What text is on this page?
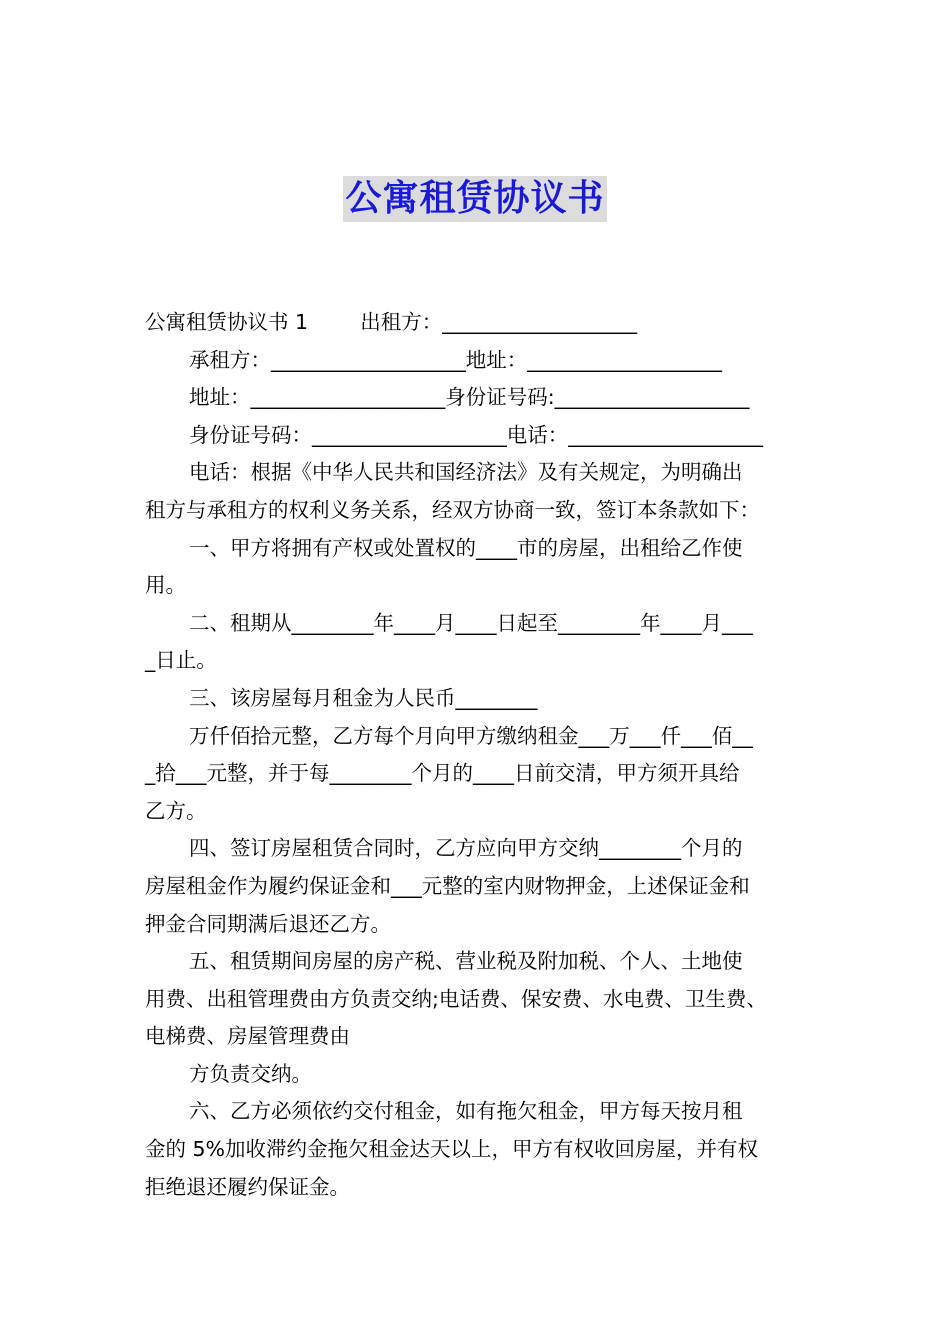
公寓租赁协议书
公寓租赁协议书 1        出租方：___________________
承租方：___________________地址：___________________
地址：___________________身份证号码:___________________
身份证号码：___________________电话：___________________
电话：根据《中华人民共和国经济法》及有关规定，为明确出
租方与承租方的权利义务关系，经双方协商一致，签订本条款如下：
一、甲方将拥有产权或处置权的____市的房屋，出租给乙作使
用。
二、租期从________年____月____日起至________年____月___
_日止。
三、该房屋每月租金为人民币________
万仟佰拾元整，乙方每个月向甲方缴纳租金___万___仟___佰__
_拾___元整，并于每________个月的____日前交清，甲方须开具给
乙方。
四、签订房屋租赁合同时，乙方应向甲方交纳________个月的
房屋租金作为履约保证金和___元整的室内财物押金，上述保证金和
押金合同期满后退还乙方。
五、租赁期间房屋的房产税、营业税及附加税、个人、土地使
用费、出租管理费由方负责交纳;电话费、保安费、水电费、卫生费、
电梯费、房屋管理费由
方负责交纳。
六、乙方必须依约交付租金，如有拖欠租金，甲方每天按月租
金的 5%加收滞约金拖欠租金达天以上，甲方有权收回房屋，并有权
拒绝退还履约保证金。
